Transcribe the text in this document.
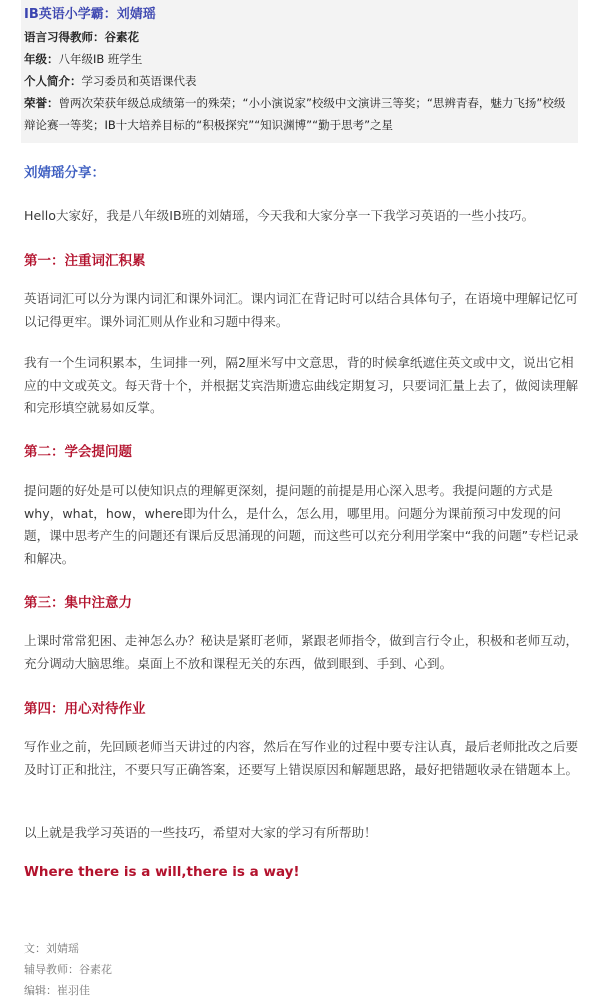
IB英语小学霸：刘婧瑶
语言习得教师：谷素花
年级：八年级IB 班学生
个人简介：学习委员和英语课代表
荣誉：曾两次荣获年级总成绩第一的殊荣；“小小演说家”校级中文演讲三等奖；“思辨青春，魅力飞扬”校级辩论赛一等奖；IB十大培养目标的“积极探究”“知识渊博”“勤于思考”之星
刘婧瑶分享：
Hello大家好，我是八年级IB班的刘婧瑶，今天我和大家分享一下我学习英语的一些小技巧。
第一：注重词汇积累
英语词汇可以分为课内词汇和课外词汇。课内词汇在背记时可以结合具体句子，在语境中理解记忆可以记得更牢。课外词汇则从作业和习题中得来。
我有一个生词积累本，生词排一列，隔2厘米写中文意思，背的时候拿纸遮住英文或中文，说出它相应的中文或英文。每天背十个，并根据艾宾浩斯遗忘曲线定期复习，只要词汇量上去了，做阅读理解和完形填空就易如反掌。
第二：学会提问题
提问题的好处是可以使知识点的理解更深刻，提问题的前提是用心深入思考。我提问题的方式是why，what，how，where即为什么，是什么，怎么用，哪里用。问题分为课前预习中发现的问题，课中思考产生的问题还有课后反思涌现的问题，而这些可以充分利用学案中“我的问题”专栏记录和解决。
第三：集中注意力
上课时常常犯困、走神怎么办？秘诀是紧盯老师，紧跟老师指令，做到言行令止，积极和老师互动，充分调动大脑思维。桌面上不放和课程无关的东西，做到眼到、手到、心到。
第四：用心对待作业
写作业之前，先回顾老师当天讲过的内容，然后在写作业的过程中要专注认真，最后老师批改之后要及时订正和批注，不要只写正确答案，还要写上错误原因和解题思路，最好把错题收录在错题本上。
以上就是我学习英语的一些技巧，希望对大家的学习有所帮助！
Where there is a will,there is a way!
文：刘婧瑶
辅导教师：谷素花
编辑：崔羽佳
